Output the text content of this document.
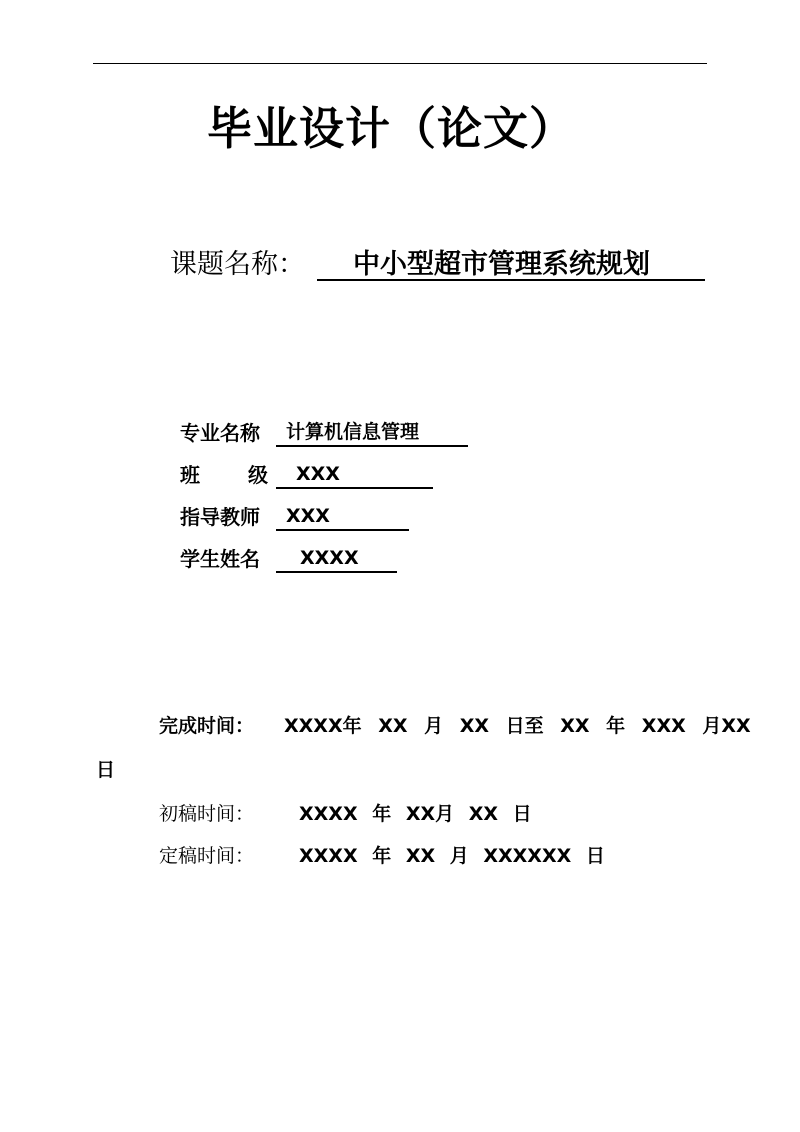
毕业设计（论文）
课题名称：	中小型超市管理系统规划
专业名称	计算机信息管理
班 级	XXX
指导教师	XXX
学生姓名	XXXX
完成时间： XXXX年 XX 月 XX 日至 XX 年 XXX 月XX
日
初稿时间： XXXX 年 XX月 XX 日
定稿时间： XXXX 年 XX 月 XXXXXX 日
